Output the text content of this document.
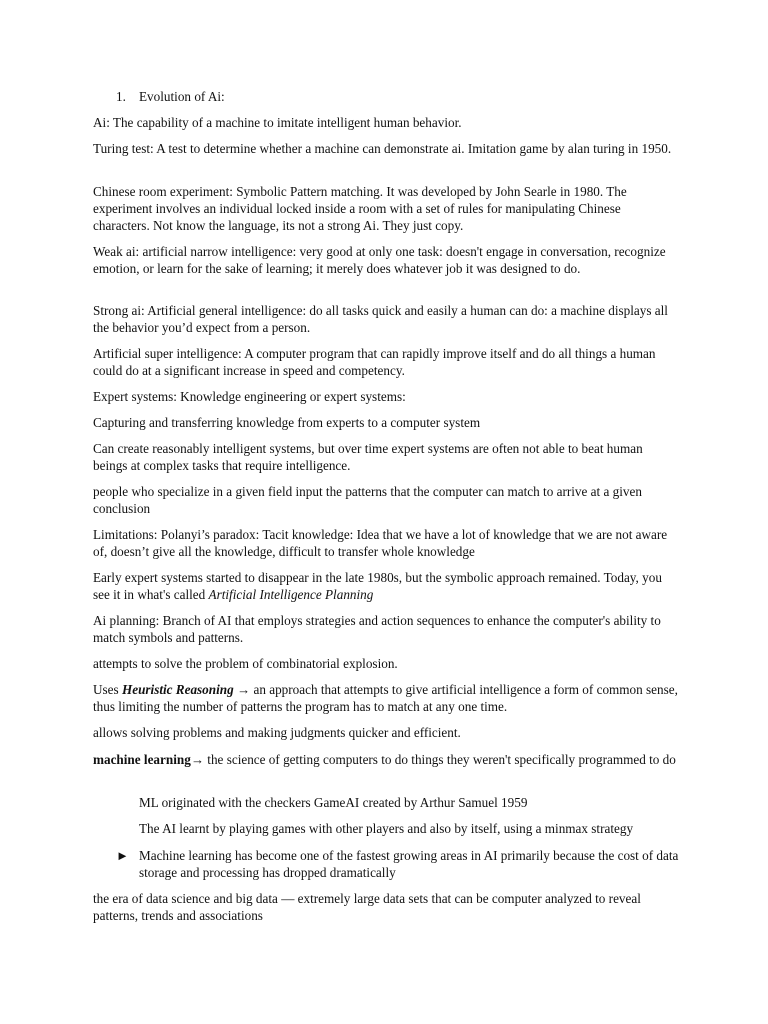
1. Evolution of Ai:

Ai: The capability of a machine to imitate intelligent human behavior.

Turing test: A test to determine whether a machine can demonstrate ai. Imitation game by alan turing in 1950.

Chinese room experiment: Symbolic Pattern matching. It was developed by John Searle in 1980. The experiment involves an individual locked inside a room with a set of rules for manipulating Chinese characters. Not know the language, its not a strong Ai. They just copy.

Weak ai: artificial narrow intelligence: very good at only one task: doesn't engage in conversation, recognize emotion, or learn for the sake of learning; it merely does whatever job it was designed to do.

Strong ai: Artificial general intelligence: do all tasks quick and easily a human can do: a machine displays all the behavior you’d expect from a person.

Artificial super intelligence: A computer program that can rapidly improve itself and do all things a human could do at a significant increase in speed and competency.

Expert systems: Knowledge engineering or expert systems:

Capturing and transferring knowledge from experts to a computer system

Can create reasonably intelligent systems, but over time expert systems are often not able to beat human beings at complex tasks that require intelligence.

people who specialize in a given field input the patterns that the computer can match to arrive at a given conclusion

Limitations: Polanyi’s paradox: Tacit knowledge: Idea that we have a lot of knowledge that we are not aware of, doesn’t give all the knowledge, difficult to transfer whole knowledge

Early expert systems started to disappear in the late 1980s, but the symbolic approach remained. Today, you see it in what's called Artificial Intelligence Planning

Ai planning: Branch of AI that employs strategies and action sequences to enhance the computer's ability to match symbols and patterns.

attempts to solve the problem of combinatorial explosion.

Uses Heuristic Reasoning → an approach that attempts to give artificial intelligence a form of common sense, thus limiting the number of patterns the program has to match at any one time.

allows solving problems and making judgments quicker and efficient.

machine learning→ the science of getting computers to do things they weren't specifically programmed to do

ML originated with the checkers GameAI created by Arthur Samuel 1959

The AI learnt by playing games with other players and also by itself, using a minmax strategy

► Machine learning has become one of the fastest growing areas in AI primarily because the cost of data storage and processing has dropped dramatically

the era of data science and big data — extremely large data sets that can be computer analyzed to reveal patterns, trends and associations
